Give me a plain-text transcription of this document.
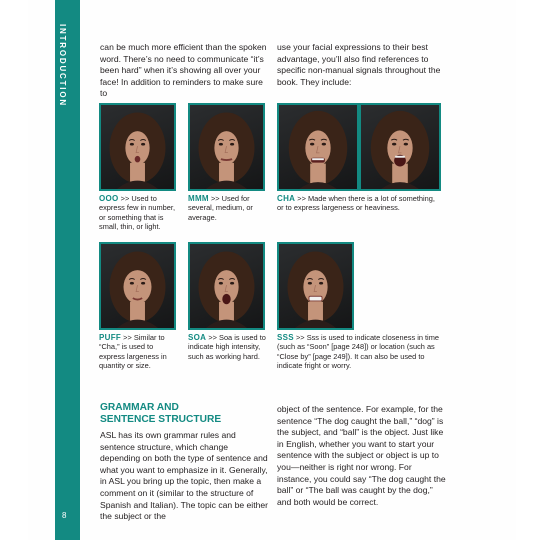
INTRODUCTION
8

can be much more efficient than the spoken word. There’s no need to communicate “it’s been hard” when it’s showing all over your face! In addition to reminders to make sure to

use your facial expressions to their best advantage, you’ll also find references to specific non-manual signals throughout the book. They include:

OOO >> Used to express few in number, or something that is small, thin, or light.

MMM >> Used for several, medium, or average.

CHA >> Made when there is a lot of something, or to express largeness or heaviness.

PUFF >> Similar to “Cha,” is used to express largeness in quantity or size.

SOA >> Soa is used to indicate high intensity, such as working hard.

SSS >> Sss is used to indicate closeness in time (such as “Soon” [page 248]) or location (such as “Close by” [page 249]). It can also be used to indicate fright or worry.

GRAMMAR AND
SENTENCE STRUCTURE

ASL has its own grammar rules and sentence structure, which change depending on both the type of sentence and what you want to emphasize in it. Generally, in ASL you bring up the topic, then make a comment on it (similar to the structure of Spanish and Italian). The topic can be either the subject or the

object of the sentence. For example, for the sentence “The dog caught the ball,” “dog” is the subject, and “ball” is the object. Just like in English, whether you want to start your sentence with the subject or object is up to you—neither is right nor wrong. For instance, you could say “The dog caught the ball” or “The ball was caught by the dog,” and both would be correct.
